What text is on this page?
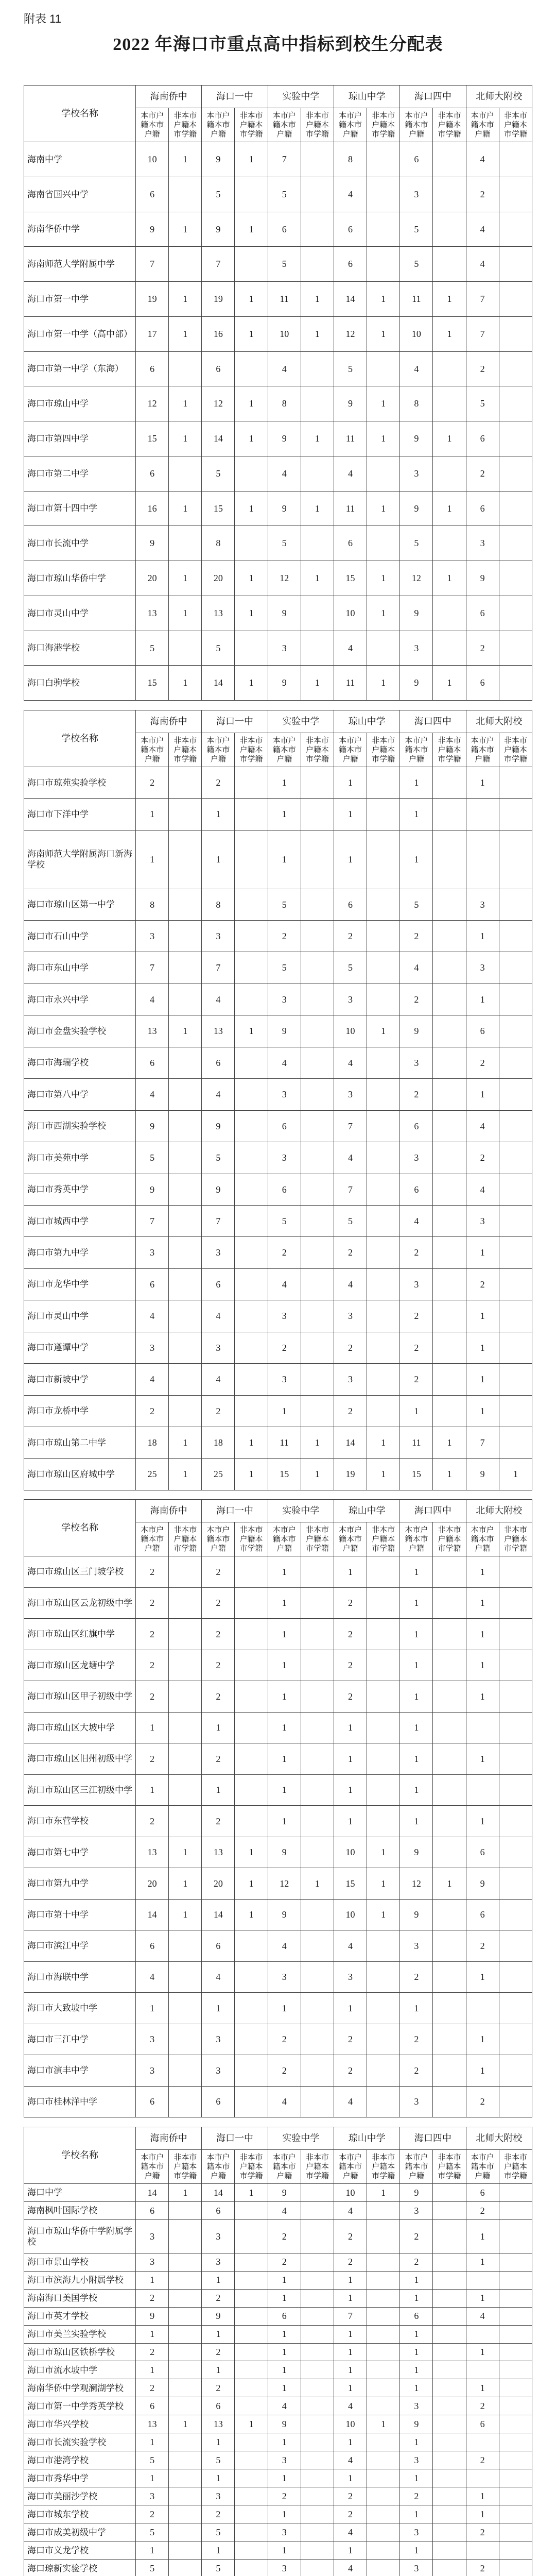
附表 11
2022 年海口市重点高中指标到校生分配表
学校名称	海南侨中		海口一中		实验中学		琼山中学		海口四中		北师大附校	
	本市户籍本市户籍	非本市户籍本市学籍	本市户籍本市户籍	非本市户籍本市学籍	本市户籍本市户籍	非本市户籍本市学籍	本市户籍本市户籍	非本市户籍本市学籍	本市户籍本市户籍	非本市户籍本市学籍	本市户籍本市户籍	非本市户籍本市学籍
海南中学	10	1	9	1	7		8		6		4	
海南省国兴中学	6		5		5		4		3		2	
海南华侨中学	9	1	9	1	6		6		5		4	
海南师范大学附属中学	7		7		5		6		5		4	
海口市第一中学	19	1	19	1	11	1	14	1	11	1	7	
海口市第一中学（高中部）	17	1	16	1	10	1	12	1	10	1	7	
海口市第一中学（东海）	6		6		4		5		4		2	
海口市琼山中学	12	1	12	1	8		9	1	8		5	
海口市第四中学	15	1	14	1	9	1	11	1	9	1	6	
海口市第二中学	6		5		4		4		3		2	
海口市第十四中学	16	1	15	1	9	1	11	1	9	1	6	
海口市长流中学	9		8		5		6		5		3	
海口市琼山华侨中学	20	1	20	1	12	1	15	1	12	1	9	
海口市灵山中学	13	1	13	1	9		10	1	9		6	
海口海港学校	5		5		3		4		3		2	
海口白驹学校	15	1	14	1	9	1	11	1	9	1	6	
学校名称	海南侨中		海口一中		实验中学		琼山中学		海口四中		北师大附校	
	本市户籍本市户籍	非本市户籍本市学籍	本市户籍本市户籍	非本市户籍本市学籍	本市户籍本市户籍	非本市户籍本市学籍	本市户籍本市户籍	非本市户籍本市学籍	本市户籍本市户籍	非本市户籍本市学籍	本市户籍本市户籍	非本市户籍本市学籍
海口市琼苑实验学校	2		2		1		1		1		1	
海口市下洋中学	1		1		1		1		1			
海南师范大学附属海口新海学校	1		1		1		1		1			
海口市琼山区第一中学	8		8		5		6		5		3	
海口市石山中学	3		3		2		2		2		1	
海口市东山中学	7		7		5		5		4		3	
海口市永兴中学	4		4		3		3		2		1	
海口市金盘实验学校	13	1	13	1	9		10	1	9		6	
海口市海瑞学校	6		6		4		4		3		2	
海口市第八中学	4		4		3		3		2		1	
海口市西湖实验学校	9		9		6		7		6		4	
海口市美苑中学	5		5		3		4		3		2	
海口市秀英中学	9		9		6		7		6		4	
海口市城西中学	7		7		5		5		4		3	
海口市第九中学	3		3		2		2		2		1	
海口市龙华中学	6		6		4		4		3		2	
海口市灵山中学	4		4		3		3		2		1	
海口市遵谭中学	3		3		2		2		2		1	
海口市新坡中学	4		4		3		3		2		1	
海口市龙桥中学	2		2		1		2		1		1	
海口市琼山第二中学	18	1	18	1	11	1	14	1	11	1	7	
海口市琼山区府城中学	25	1	25	1	15	1	19	1	15	1	9	1
学校名称	海南侨中		海口一中		实验中学		琼山中学		海口四中		北师大附校	
	本市户籍本市户籍	非本市户籍本市学籍	本市户籍本市户籍	非本市户籍本市学籍	本市户籍本市户籍	非本市户籍本市学籍	本市户籍本市户籍	非本市户籍本市学籍	本市户籍本市户籍	非本市户籍本市学籍	本市户籍本市户籍	非本市户籍本市学籍
海口市琼山区三门坡学校	2		2		1		1		1		1	
海口市琼山区云龙初级中学	2		2		1		2		1		1	
海口市琼山区红旗中学	2		2		1		2		1		1	
海口市琼山区龙塘中学	2		2		1		2		1		1	
海口市琼山区甲子初级中学	2		2		1		2		1		1	
海口市琼山区大坡中学	1		1		1		1		1			
海口市琼山区旧州初级中学	2		2		1		1		1		1	
海口市琼山区三江初级中学	1		1		1		1		1			
海口市东营学校	2		2		1		1		1		1	
海口市第七中学	13	1	13	1	9		10	1	9		6	
海口市第九中学	20	1	20	1	12	1	15	1	12	1	9	
海口市第十中学	14	1	14	1	9		10	1	9		6	
海口市滨江中学	6		6		4		4		3		2	
海口市海联中学	4		4		3		3		2		1	
海口市大致坡中学	1		1		1		1		1			
海口市三江中学	3		3		2		2		2		1	
海口市演丰中学	3		3		2		2		2		1	
海口市桂林洋中学	6		6		4		4		3		2	
学校名称	海南侨中		海口一中		实验中学		琼山中学		海口四中		北师大附校	
	本市户籍本市户籍	非本市户籍本市学籍	本市户籍本市户籍	非本市户籍本市学籍	本市户籍本市户籍	非本市户籍本市学籍	本市户籍本市户籍	非本市户籍本市学籍	本市户籍本市户籍	非本市户籍本市学籍	本市户籍本市户籍	非本市户籍本市学籍
海口中学	14	1	14	1	9		10	1	9		6	
海南枫叶国际学校	6		6		4		4		3		2	
海口市琼山华侨中学附属学校	3		3		2		2		2		1	
海口市景山学校	3		3		2		2		2		1	
海口市滨海九小附属学校	1		1		1		1		1			
海南海口美国学校	2		2		1		1		1		1	
海口市英才学校	9		9		6		7		6		4	
海口市美兰实验学校	1		1		1		1		1			
海口市琼山区铁桥学校	2		2		1		1		1		1	
海口市流水坡中学	1		1		1		1		1			
海南华侨中学观澜湖学校	2		2		1		1		1		1	
海口市第一中学秀英学校	6		6		4		4		3		2	
海口市华兴学校	13	1	13	1	9		10	1	9		6	
海口市长流实验学校	1		1		1		1		1			
海口市港湾学校	5		5		3		4		3		2	
海口市秀华中学	1		1		1		1		1			
海口市美丽沙学校	3		3		2		2		2		1	
海口市城东学校	2		2		1		2		1		1	
海口市成美初级中学	5		5		3		4		3		2	
海口市义龙学校	1		1		1		1		1			
海口琼新实验学校	5		5		3		4		3		2	
